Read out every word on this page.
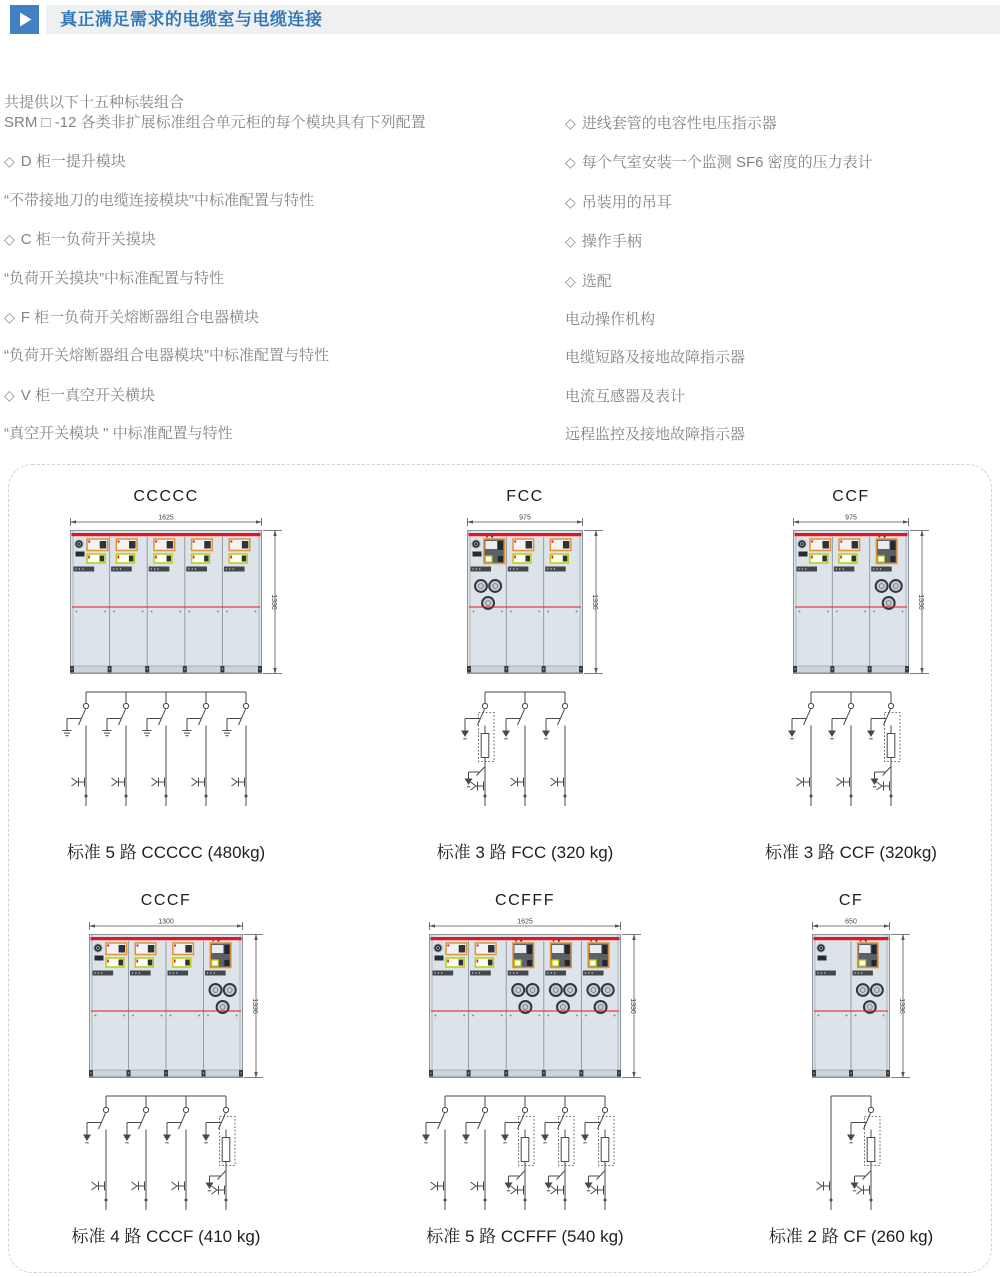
真正满足需求的电缆室与电缆连接

共提供以下十五种标装组合

SRM □ -12 各类非扩展标准组合单元柜的每个模块具有下列配置
◇ D 柜一提升模块
“不带接地刀的电缆连接模块”中标准配置与特性
◇ C 柜一负荷开关摸块
“负荷开关摸块”中标准配置与特性
◇ F 柜一负荷开关熔断器组合电器横块
“负荷开关熔断器组合电器模块”中标准配置与特性
◇ V 柜一真空开关横块
“真空开关模块 " 中标准配置与特性
◇ 进线套管的电容性电压指示器
◇ 每个气室安装一个监测 SF6 密度的压力表计
◇ 吊装用的吊耳
◇ 操作手柄
◇ 选配
电动操作机构
电缆短路及接地故障指示器
电流互感器及表计
远程监控及接地故障指示器
CCCCC
1625
1336
标准 5 路 CCCCC (480kg)
FCC
975
1336
标准 3 路 FCC (320 kg)
CCF
975
1336
标准 3 路 CCF (320kg)
CCCF
1300
1336
标准 4 路 CCCF (410 kg)
CCFFF
1625
1336
标准 5 路 CCFFF (540 kg)
CF
650
1336
标准 2 路 CF (260 kg)
